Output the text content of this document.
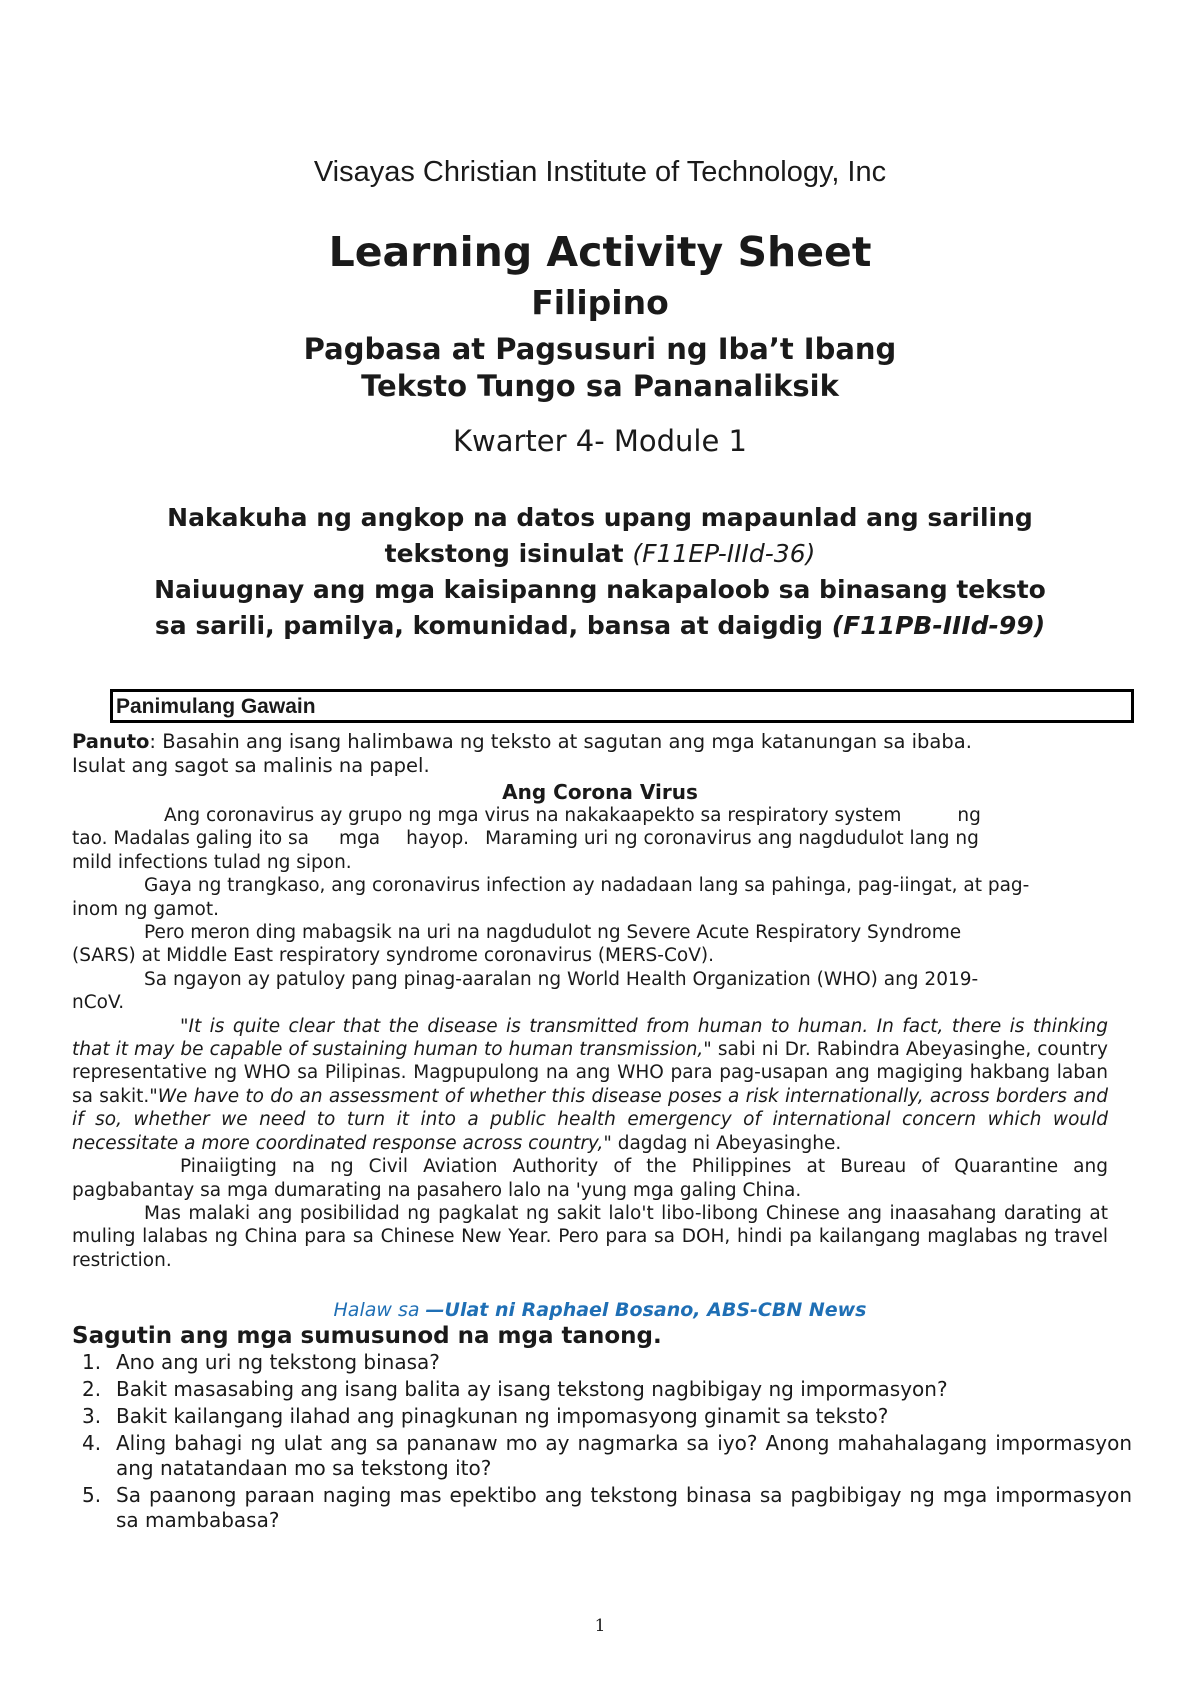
Visayas Christian Institute of Technology, Inc
Learning Activity Sheet
Filipino
Pagbasa at Pagsusuri ng Iba’t Ibang
Teksto Tungo sa Pananaliksik
Kwarter 4- Module 1
Nakakuha ng angkop na datos upang mapaunlad ang sariling
tekstong isinulat (F11EP-IIId-36)
Naiuugnay ang mga kaisipanng nakapaloob sa binasang teksto
sa sarili, pamilya, komunidad, bansa at daigdig (F11PB-IIId-99)
Panimulang Gawain
Panuto: Basahin ang isang halimbawa ng teksto at sagutan ang mga katanungan sa ibaba.
Isulat ang sagot sa malinis na papel.
Ang Corona Virus
Ang coronavirus ay grupo ng mga virus na nakakaapekto sa respiratory system	ng
tao. Madalas galing ito sa mga hayop. Maraming uri ng coronavirus ang nagdudulot lang ng
mild infections tulad ng sipon.
Gaya ng trangkaso, ang coronavirus infection ay nadadaan lang sa pahinga, pag-iingat, at pag-
inom ng gamot.
Pero meron ding mabagsik na uri na nagdudulot ng Severe Acute Respiratory Syndrome
(SARS) at Middle East respiratory syndrome coronavirus (MERS-CoV).
Sa ngayon ay patuloy pang pinag-aaralan ng World Health Organization (WHO) ang 2019-
nCoV.
"It is quite clear that the disease is transmitted from human to human. In fact, there is thinking that it may be capable of sustaining human to human transmission," sabi ni Dr. Rabindra Abeyasinghe, country representative ng WHO sa Pilipinas. Magpupulong na ang WHO para pag-usapan ang magiging hakbang laban sa sakit."We have to do an assessment of whether this disease poses a risk internationally, across borders and if so, whether we need to turn it into a public health emergency of international concern which would necessitate a more coordinated response across country," dagdag ni Abeyasinghe.
Pinaiigting na ng Civil Aviation Authority of the Philippines at Bureau of Quarantine ang pagbabantay sa mga dumarating na pasahero lalo na 'yung mga galing China.
Mas malaki ang posibilidad ng pagkalat ng sakit lalo't libo-libong Chinese ang inaasahang darating at muling lalabas ng China para sa Chinese New Year. Pero para sa DOH, hindi pa kailangang maglabas ng travel restriction.
Halaw sa —Ulat ni Raphael Bosano, ABS-CBN News
Sagutin ang mga sumusunod na mga tanong.
1. Ano ang uri ng tekstong binasa?
2. Bakit masasabing ang isang balita ay isang tekstong nagbibigay ng impormasyon?
3. Bakit kailangang ilahad ang pinagkunan ng impomasyong ginamit sa teksto?
4. Aling bahagi ng ulat ang sa pananaw mo ay nagmarka sa iyo? Anong mahahalagang impormasyon ang natatandaan mo sa tekstong ito?
5. Sa paanong paraan naging mas epektibo ang tekstong binasa sa pagbibigay ng mga impormasyon sa mambabasa?
1
